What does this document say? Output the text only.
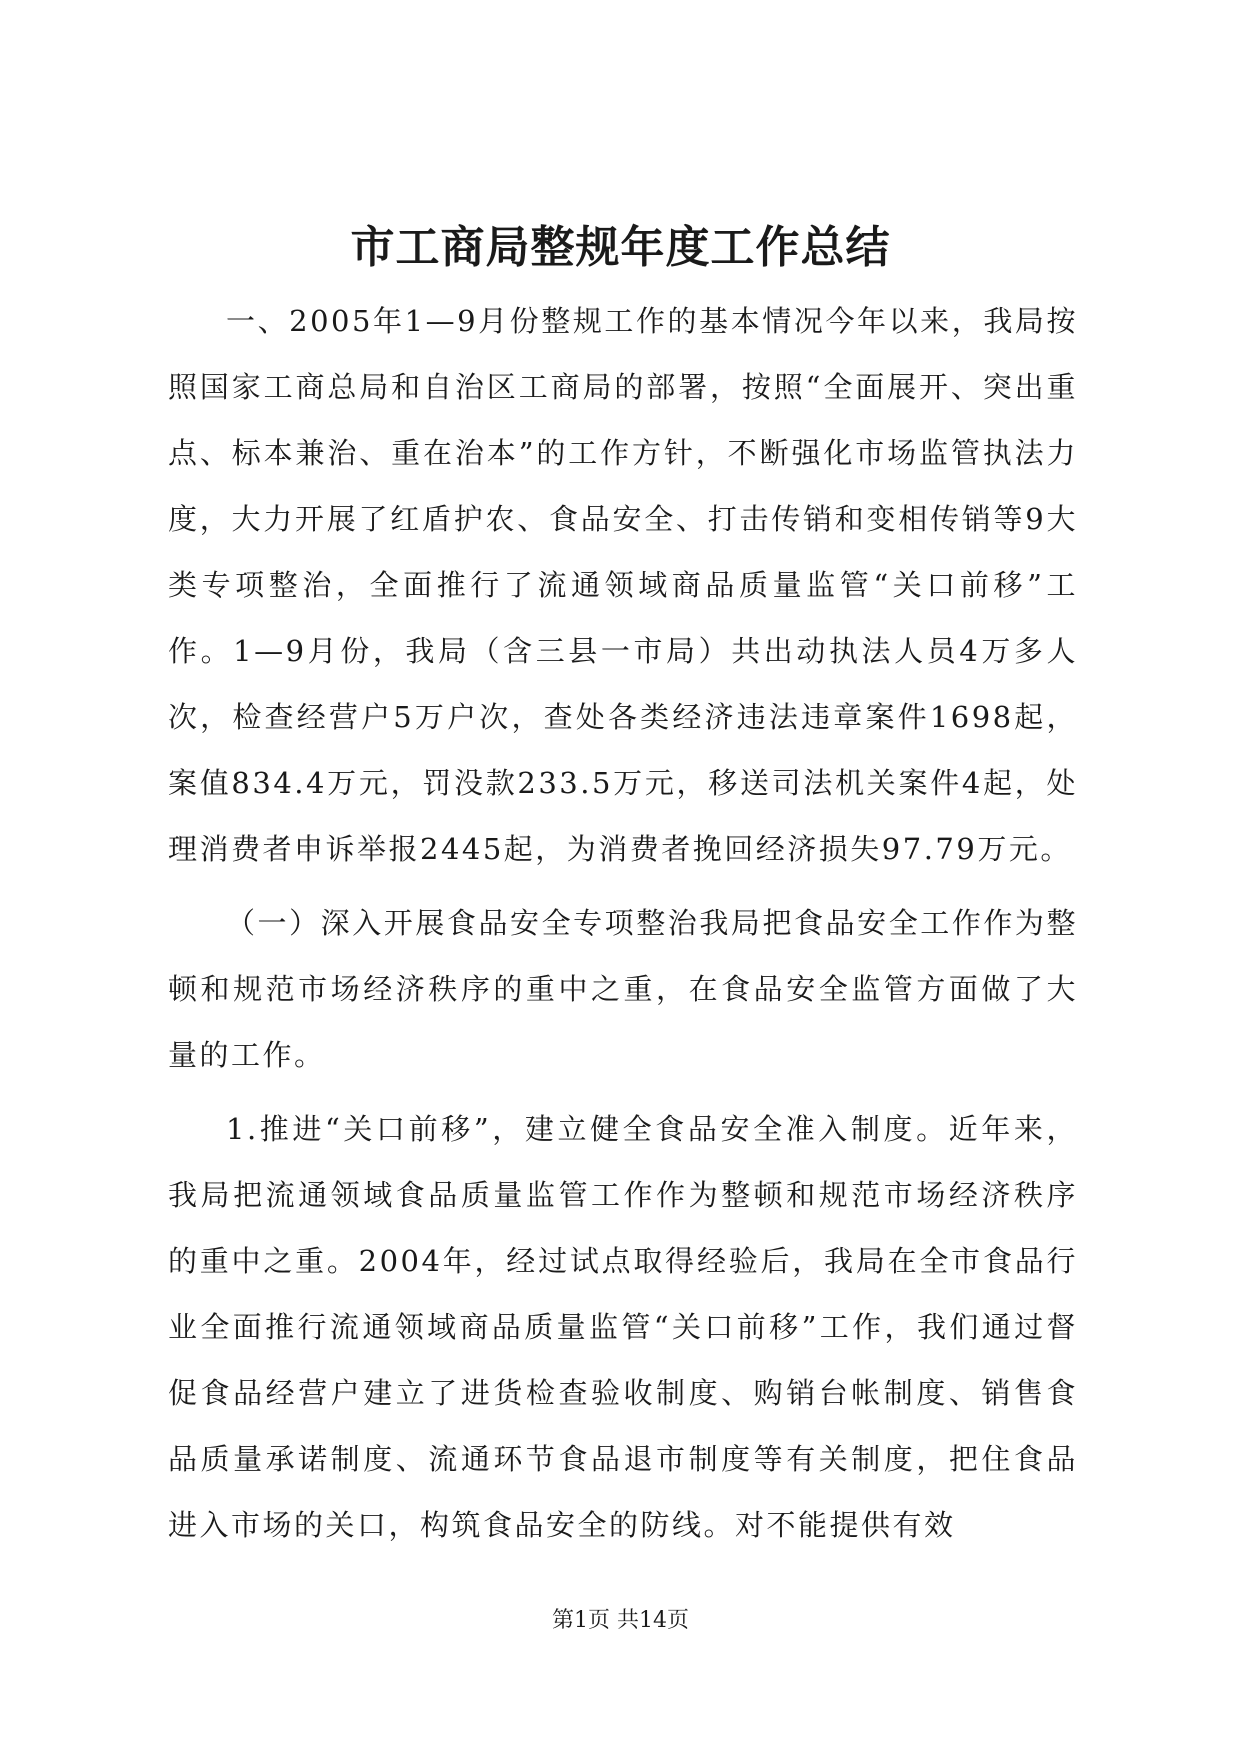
市工商局整规年度工作总结

一、2005年1—9月份整规工作的基本情况今年以来，我局按照国家工商总局和自治区工商局的部署，按照“全面展开、突出重点、标本兼治、重在治本”的工作方针，不断强化市场监管执法力度，大力开展了红盾护农、食品安全、打击传销和变相传销等9大类专项整治，全面推行了流通领域商品质量监管“关口前移”工作。1—9月份，我局（含三县一市局）共出动执法人员4万多人次，检查经营户5万户次，查处各类经济违法违章案件1698起，案值834.4万元，罚没款233.5万元，移送司法机关案件4起，处理消费者申诉举报2445起，为消费者挽回经济损失97.79万元。

（一）深入开展食品安全专项整治我局把食品安全工作作为整顿和规范市场经济秩序的重中之重，在食品安全监管方面做了大量的工作。

1.推进“关口前移”，建立健全食品安全准入制度。近年来，我局把流通领域食品质量监管工作作为整顿和规范市场经济秩序的重中之重。2004年，经过试点取得经验后，我局在全市食品行业全面推行流通领域商品质量监管“关口前移”工作，我们通过督促食品经营户建立了进货检查验收制度、购销台帐制度、销售食品质量承诺制度、流通环节食品退市制度等有关制度，把住食品进入市场的关口，构筑食品安全的防线。对不能提供有效

第1页 共14页
